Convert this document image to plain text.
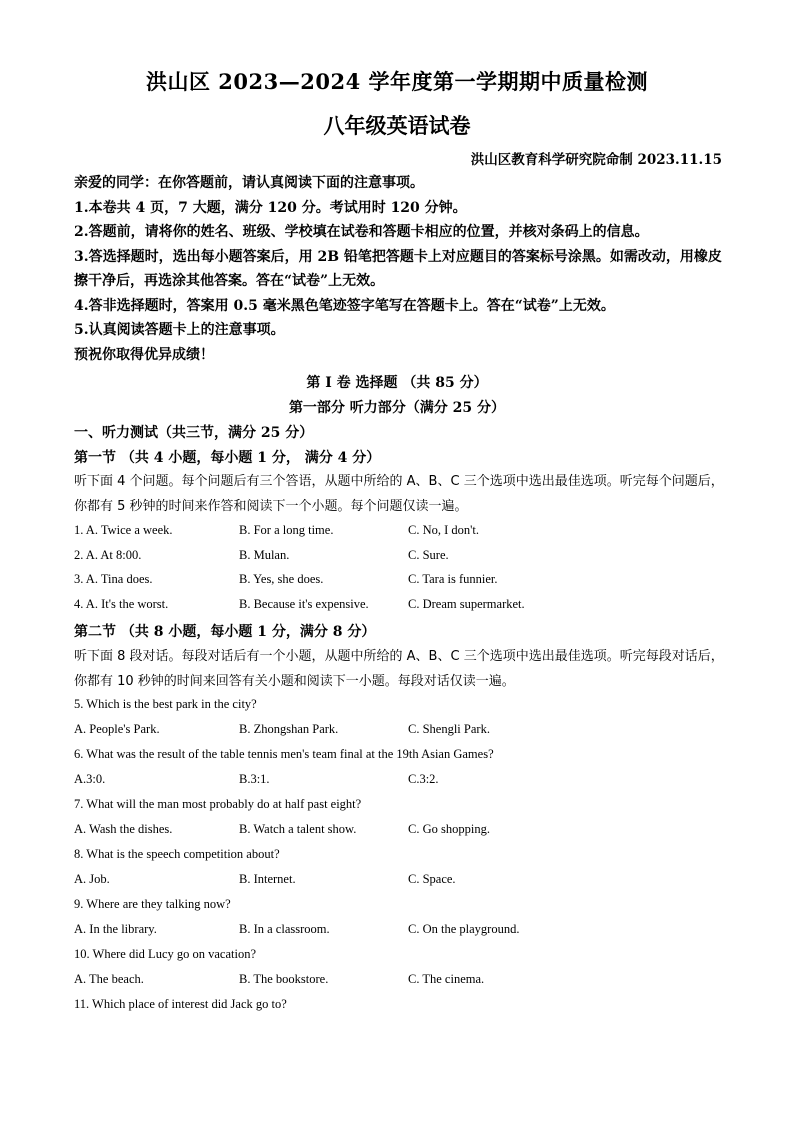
洪山区 2023—2024 学年度第一学期期中质量检测
八年级英语试卷
洪山区教育科学研究院命制 2023.11.15

亲爱的同学：在你答题前，请认真阅读下面的注意事项。

1.本卷共 4 页，7 大题，满分 120 分。考试用时 120 分钟。

2.答题前，请将你的姓名、班级、学校填在试卷和答题卡相应的位置，并核对条码上的信息。

3.答选择题时，选出每小题答案后，用 2B 铅笔把答题卡上对应题目的答案标号涂黑。如需改动，用橡皮擦干净后，再选涂其他答案。答在“试卷”上无效。

4.答非选择题时，答案用 0.5 毫米黑色笔迹签字笔写在答题卡上。答在“试卷”上无效。

5.认真阅读答题卡上的注意事项。

预祝你取得优异成绩！

第 I 卷 选择题 （共 85 分）
第一部分 听力部分（满分 25 分）
一、听力测试（共三节，满分 25 分）
第一节 （共 4 小题，每小题 1 分， 满分 4 分）

听下面 4 个问题。每个问题后有三个答语，从题中所给的 A、B、C 三个选项中选出最佳选项。听完每个问题后，你都有 5 秒钟的时间来作答和阅读下一个小题。每个问题仅读一遍。

1. A. Twice a week.	B. For a long time.	C. No, I don't.
2. A. At 8:00.	B. Mulan.	C. Sure.
3. A. Tina does.	B. Yes, she does.	C. Tara is funnier.
4. A. It's the worst.	B. Because it's expensive.	C. Dream supermarket.
第二节 （共 8 小题，每小题 1 分，满分 8 分）

听下面 8 段对话。每段对话后有一个小题，从题中所给的 A、B、C 三个选项中选出最佳选项。听完每段对话后，你都有 10 秒钟的时间来回答有关小题和阅读下一小题。每段对话仅读一遍。

5. Which is the best park in the city?
A. People's Park.	B. Zhongshan Park.	C. Shengli Park.
6. What was the result of the table tennis men's team final at the 19th Asian Games?
A.3:0.	B.3:1.	C.3:2.
7. What will the man most probably do at half past eight?
A. Wash the dishes.	B. Watch a talent show.	C. Go shopping.
8. What is the speech competition about?
A. Job.	B. Internet.	C. Space.
9. Where are they talking now?
A. In the library.	B. In a classroom.	C. On the playground.
10. Where did Lucy go on vacation?
A. The beach.	B. The bookstore.	C. The cinema.
11. Which place of interest did Jack go to?
